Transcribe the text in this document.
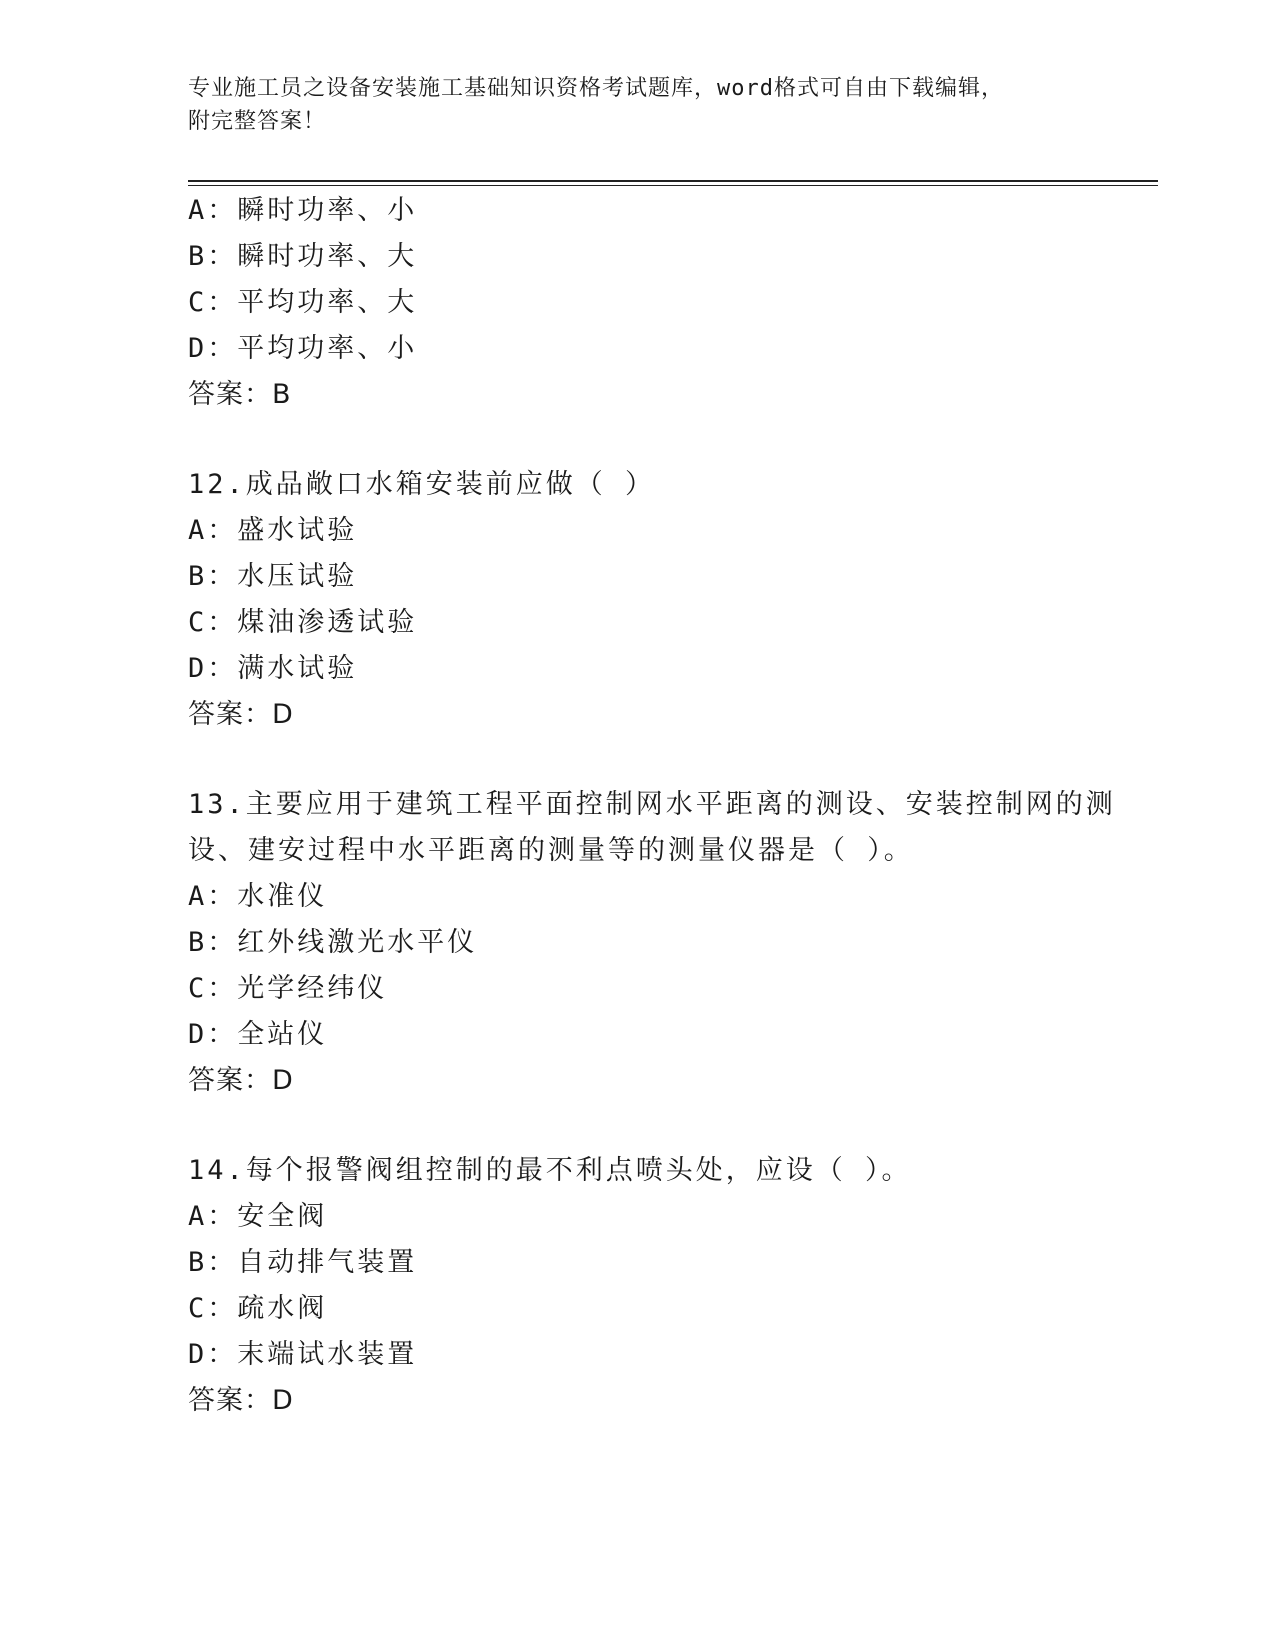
专业施工员之设备安装施工基础知识资格考试题库，word格式可自由下载编辑，
附完整答案！
A：瞬时功率、小
B：瞬时功率、大
C：平均功率、大
D：平均功率、小
答案：B
12.成品敞口水箱安装前应做（ ）
A：盛水试验
B：水压试验
C：煤油渗透试验
D：满水试验
答案：D
13.主要应用于建筑工程平面控制网水平距离的测设、安装控制网的测
设、建安过程中水平距离的测量等的测量仪器是（ ）。
A：水准仪
B：红外线激光水平仪
C：光学经纬仪
D：全站仪
答案：D
14.每个报警阀组控制的最不利点喷头处，应设（ ）。
A：安全阀
B：自动排气装置
C：疏水阀
D：末端试水装置
答案：D
